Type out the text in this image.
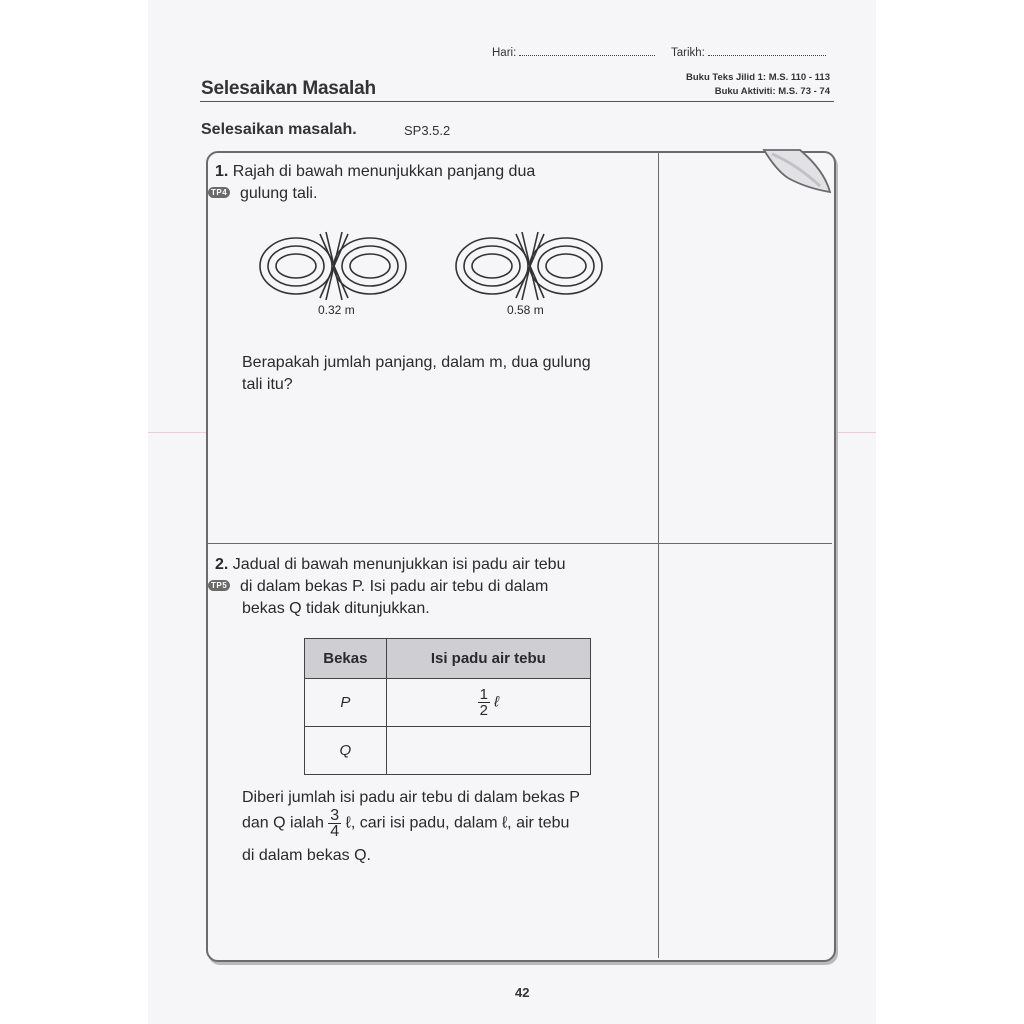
Hari:	Tarikh:
Selesaikan Masalah
Buku Teks Jilid 1: M.S. 110 - 113
Buku Aktiviti: M.S. 73 - 74
Selesaikan masalah.	SP3.5.2
1. Rajah di bawah menunjukkan panjang dua
TP4 gulung tali.
0.32 m	0.58 m
Berapakah jumlah panjang, dalam m, dua gulung
tali itu?
2. Jadual di bawah menunjukkan isi padu air tebu
TP5 di dalam bekas P. Isi padu air tebu di dalam
bekas Q tidak ditunjukkan.
Bekas	Isi padu air tebu
P	$\frac{1}{2}$ ℓ
Q	
Diberi jumlah isi padu air tebu di dalam bekas P
dan Q ialah $\frac{3}{4}$ ℓ, cari isi padu, dalam ℓ, air tebu
di dalam bekas Q.
42
